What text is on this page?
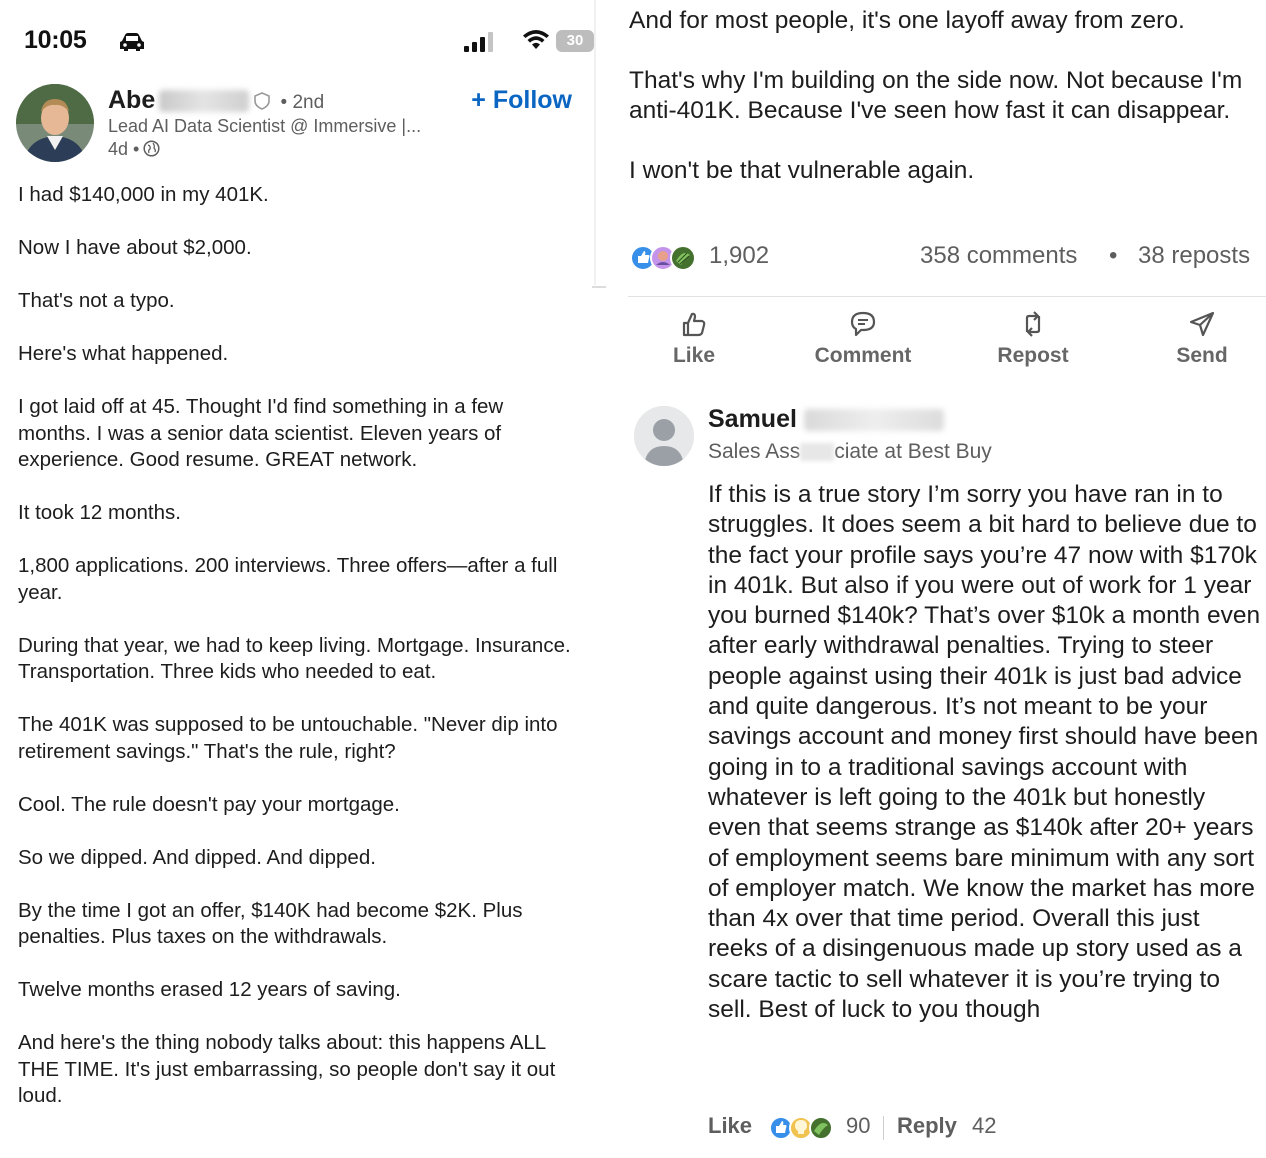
10:05	30
Abe	• 2nd
Lead AI Data Scientist @ Immersive |...
4d •
+ Follow

I had $140,000 in my 401K.

Now I have about $2,000.

That's not a typo.

Here's what happened.

I got laid off at 45. Thought I'd find something in a few months. I was a senior data scientist. Eleven years of experience. Good resume. GREAT network.

It took 12 months.

1,800 applications. 200 interviews. Three offers—after a full year.

During that year, we had to keep living. Mortgage. Insurance. Transportation. Three kids who needed to eat.

The 401K was supposed to be untouchable. "Never dip into retirement savings." That's the rule, right?

Cool. The rule doesn't pay your mortgage.

So we dipped. And dipped. And dipped.

By the time I got an offer, $140K had become $2K. Plus penalties. Plus taxes on the withdrawals.

Twelve months erased 12 years of saving.

And here's the thing nobody talks about: this happens ALL THE TIME. It's just embarrassing, so people don't say it out loud.

And for most people, it's one layoff away from zero.

That's why I'm building on the side now. Not because I'm anti-401K. Because I've seen how fast it can disappear.

I won't be that vulnerable again.

1,902	358 comments • 38 reposts
Like	Comment	Repost	Send
Samuel
Sales Ass ciate at Best Buy
If this is a true story I’m sorry you have ran in to struggles. It does seem a bit hard to believe due to the fact your profile says you’re 47 now with $170k in 401k. But also if you were out of work for 1 year you burned $140k? That’s over $10k a month even after early withdrawal penalties. Trying to steer people against using their 401k is just bad advice and quite dangerous. It’s not meant to be your savings account and money first should have been going in to a traditional savings account with whatever is left going to the 401k but honestly even that seems strange as $140k after 20+ years of employment seems bare minimum with any sort of employer match. We know the market has more than 4x over that time period. Overall this just reeks of a disingenuous made up story used as a scare tactic to sell whatever it is you’re trying to sell. Best of luck to you though
Like	90 Reply 42
